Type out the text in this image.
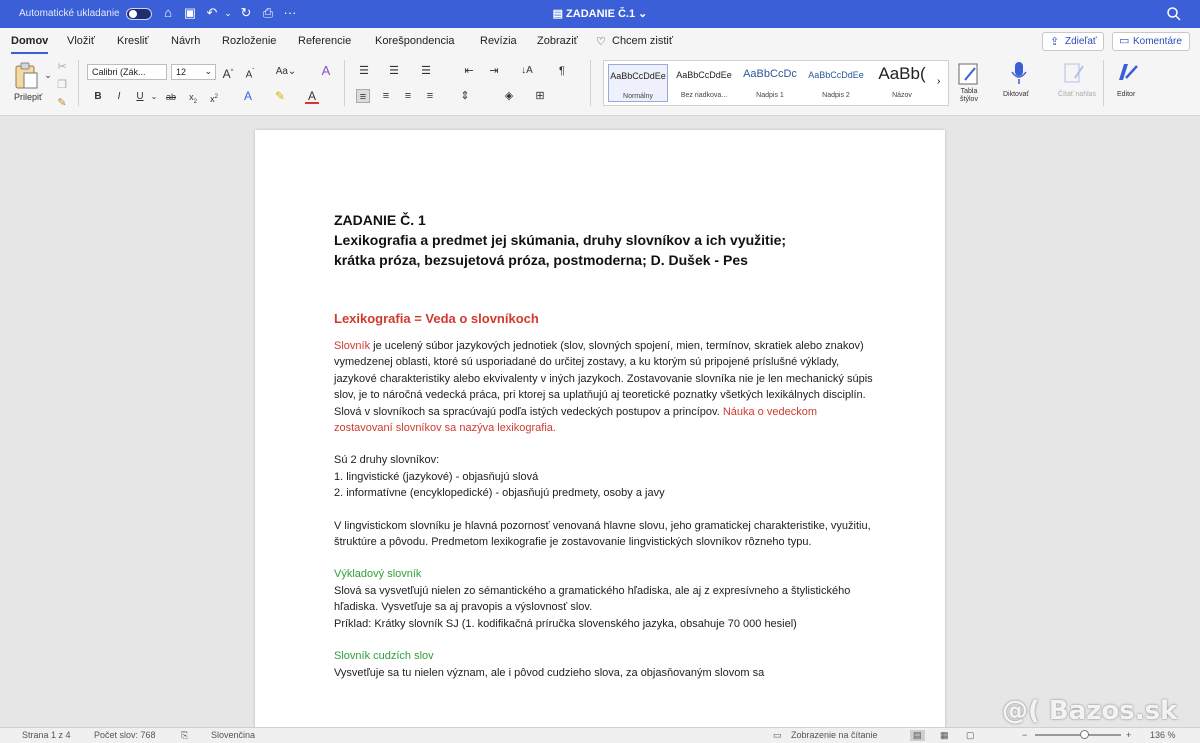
Automatické ukladanie	⌂ ▣ ↶ ⌄ ↻ ⎙ ···	▤ ZADANIE Č.1 ⌄
Domov Vložiť Kresliť Návrh Rozloženie Referencie Korešpondencia Revízia Zobraziť ♡ Chcem zistiť	⇪ Zdieľať	▭ Komentáre
Prilepiť
⌄
✂
❐
✎
Calibri (Zák...	12 ⌄ A^ $A^ˇ$ Aa⌄ A
B	I	U ⌄ ab	$x_2$	$x^2$ A ✎ A
☰ ☰ ☰	⇤ ⇥ ↓A	¶
≡	≡	≡	≡	⇕	◈ ⊞
AaBbCcDdEe
Normálny
AaBbCcDdEe
Bez riadkova...
AaBbCcDc
Nadpis 1
AaBbCcDdEe
Nadpis 2
AaBb(
Názov
›
Tabla štýlov
Diktovať	Čítať nahlas	Editor
ZADANIE Č. 1
Lexikografia a predmet jej skúmania, druhy slovníkov a ich využitie;
krátka próza, bezsujetová próza, postmoderna; D. Dušek - Pes
Lexikografia = Veda o slovníkoch
Slovník je ucelený súbor jazykových jednotiek (slov, slovných spojení, mien, termínov, skratiek alebo znakov) vymedzenej oblasti, ktoré sú usporiadané do určitej zostavy, a ku ktorým sú pripojené príslušné výklady, jazykové charakteristiky alebo ekvivalenty v iných jazykoch. Zostavovanie slovníka nie je len mechanický súpis slov, je to náročná vedecká práca, pri ktorej sa uplatňujú aj teoretické poznatky všetkých lexikálnych disciplín. Slová v slovníkoch sa spracúvajú podľa istých vedeckých postupov a princípov. Náuka o vedeckom zostavovaní slovníkov sa nazýva lexikografia.
Sú 2 druhy slovníkov:
1. lingvistické (jazykové) - objasňujú slová
2. informatívne (encyklopedické) - objasňujú predmety, osoby a javy
V lingvistickom slovníku je hlavná pozornosť venovaná hlavne slovu, jeho gramatickej charakteristike, využitiu, štruktúre a pôvodu. Predmetom lexikografie je zostavovanie lingvistických slovníkov rôzneho typu.
Výkladový slovník
Slová sa vysvetľujú nielen zo sémantického a gramatického hľadiska, ale aj z expresívneho a štylistického hľadiska. Vysvetľuje sa aj pravopis a výslovnosť slov.
Príklad: Krátky slovník SJ (1. kodifikačná príručka slovenského jazyka, obsahuje 70 000 hesiel)
Slovník cudzích slov
Vysvetľuje sa tu nielen význam, ale i pôvod cudzieho slova, za objasňovaným slovom sa
Strana 1 z 4	Počet slov: 768	⎘	Slovenčina	▭ Zobrazenie na čítanie	▤	▦ ▢	−	+ 136 %
@( Bazos.sk
